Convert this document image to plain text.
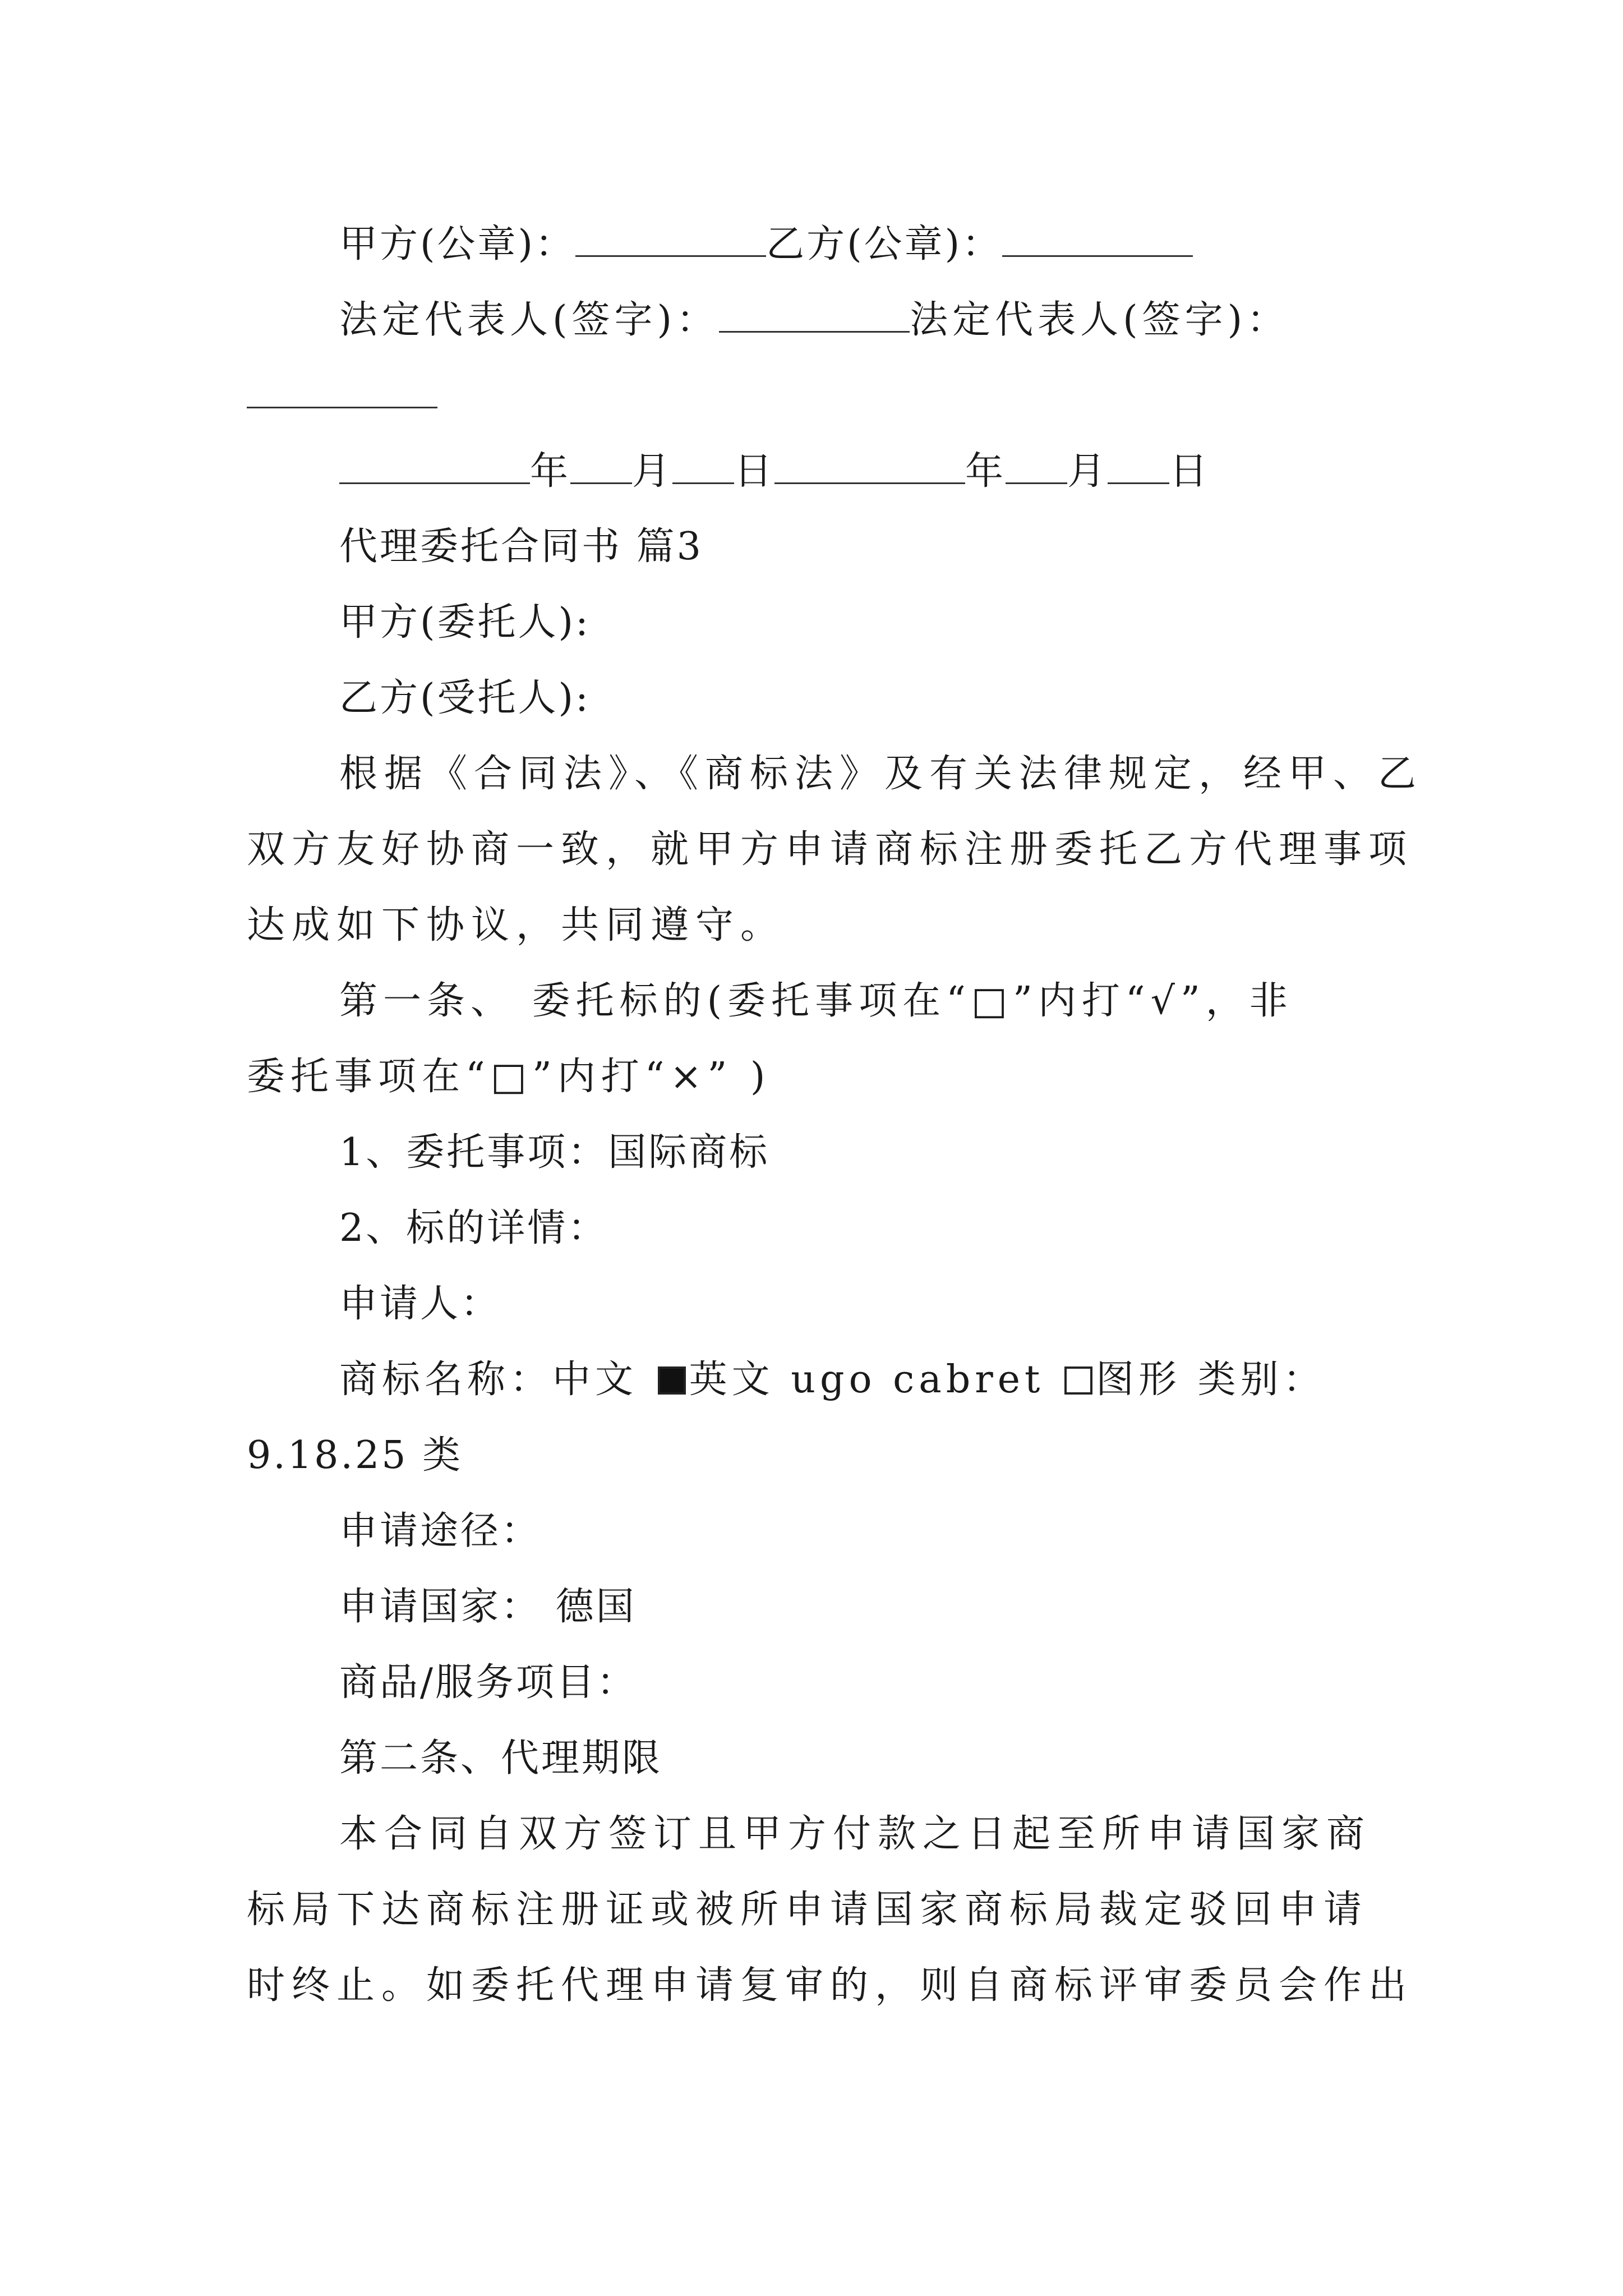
甲方(公章)：	乙方(公章)：
法定代表人(签字)：	法定代表人(签字)：
年 月 日	年 月 日
代理委托合同书 篇3
甲方(委托人):
乙方(受托人):
根据《合同法》、《商标法》及有关法律规定，经甲、乙
双方友好协商一致，就甲方申请商标注册委托乙方代理事项
达成如下协议，共同遵守。
第一条、 委托标的(委托事项在“□”内打“√”，非
委托事项在“□”内打“×” )
1、委托事项：国际商标
2、标的详情：
申请人：
商标名称：中文 英文 ugo cabret 图形 类别：
9.18.25 类
申请途径：
申请国家： 德国
商品/服务项目：
第二条、代理期限
本合同自双方签订且甲方付款之日起至所申请国家商
标局下达商标注册证或被所申请国家商标局裁定驳回申请
时终止。如委托代理申请复审的，则自商标评审委员会作出
